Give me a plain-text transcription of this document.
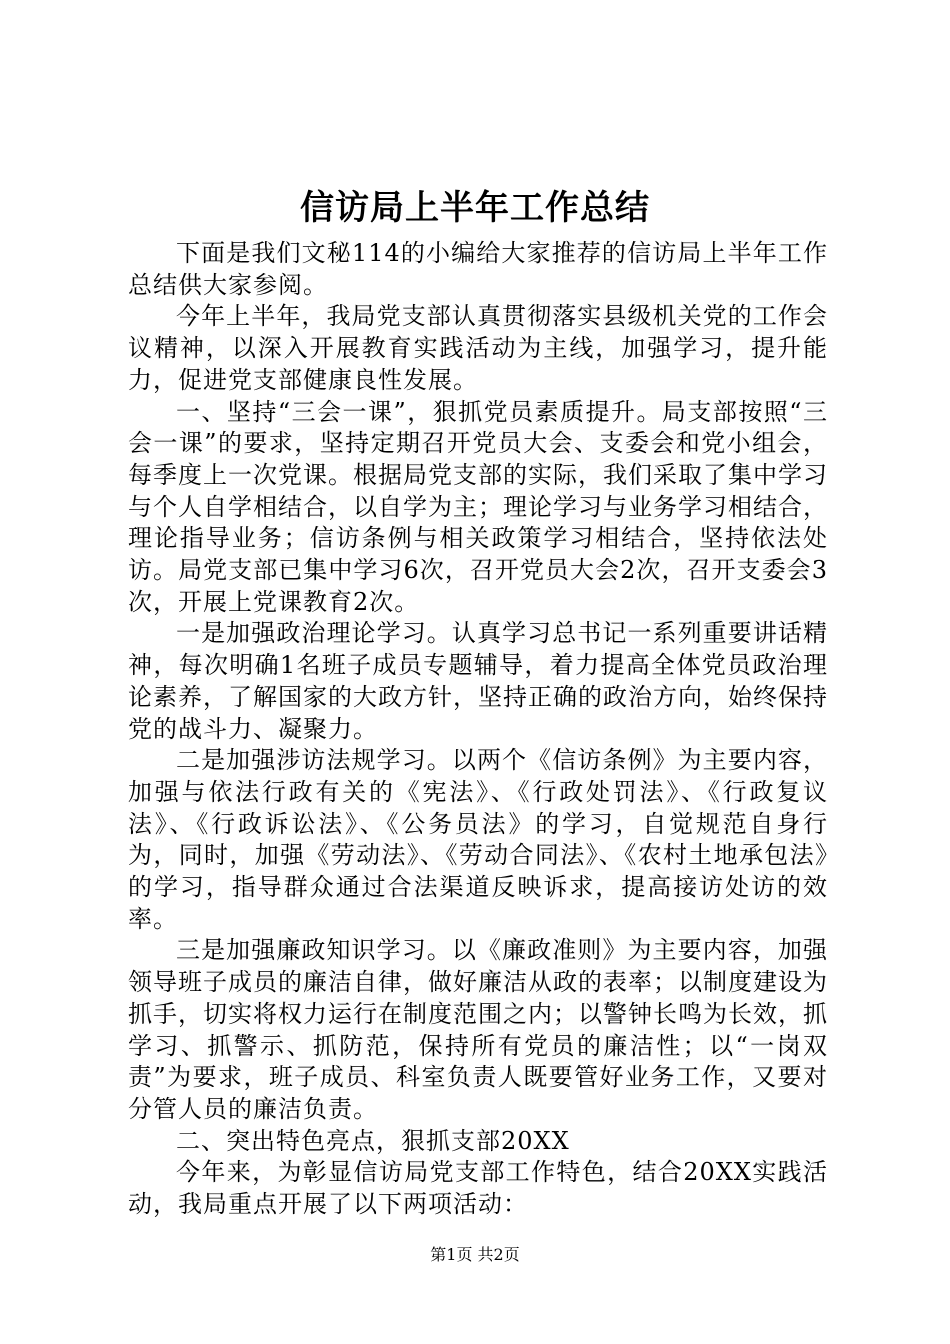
信访局上半年工作总结

下面是我们文秘114的小编给大家推荐的信访局上半年工作总结供大家参阅。

今年上半年，我局党支部认真贯彻落实县级机关党的工作会议精神，以深入开展教育实践活动为主线，加强学习，提升能力，促进党支部健康良性发展。

一、坚持“三会一课”，狠抓党员素质提升。局支部按照“三会一课”的要求，坚持定期召开党员大会、支委会和党小组会，每季度上一次党课。根据局党支部的实际，我们采取了集中学习与个人自学相结合，以自学为主；理论学习与业务学习相结合，理论指导业务；信访条例与相关政策学习相结合，坚持依法处访。局党支部已集中学习6次，召开党员大会2次，召开支委会3次，开展上党课教育2次。

一是加强政治理论学习。认真学习总书记一系列重要讲话精神，每次明确1名班子成员专题辅导，着力提高全体党员政治理论素养，了解国家的大政方针，坚持正确的政治方向，始终保持党的战斗力、凝聚力。

二是加强涉访法规学习。以两个《信访条例》为主要内容，加强与依法行政有关的《宪法》、《行政处罚法》、《行政复议法》、《行政诉讼法》、《公务员法》的学习，自觉规范自身行为，同时，加强《劳动法》、《劳动合同法》、《农村土地承包法》的学习，指导群众通过合法渠道反映诉求，提高接访处访的效率。

三是加强廉政知识学习。以《廉政准则》为主要内容，加强领导班子成员的廉洁自律，做好廉洁从政的表率；以制度建设为抓手，切实将权力运行在制度范围之内；以警钟长鸣为长效，抓学习、抓警示、抓防范，保持所有党员的廉洁性；以“一岗双责”为要求，班子成员、科室负责人既要管好业务工作，又要对分管人员的廉洁负责。

二、突出特色亮点，狠抓支部20XX

今年来，为彰显信访局党支部工作特色，结合20XX实践活动，我局重点开展了以下两项活动：

第1页 共2页
